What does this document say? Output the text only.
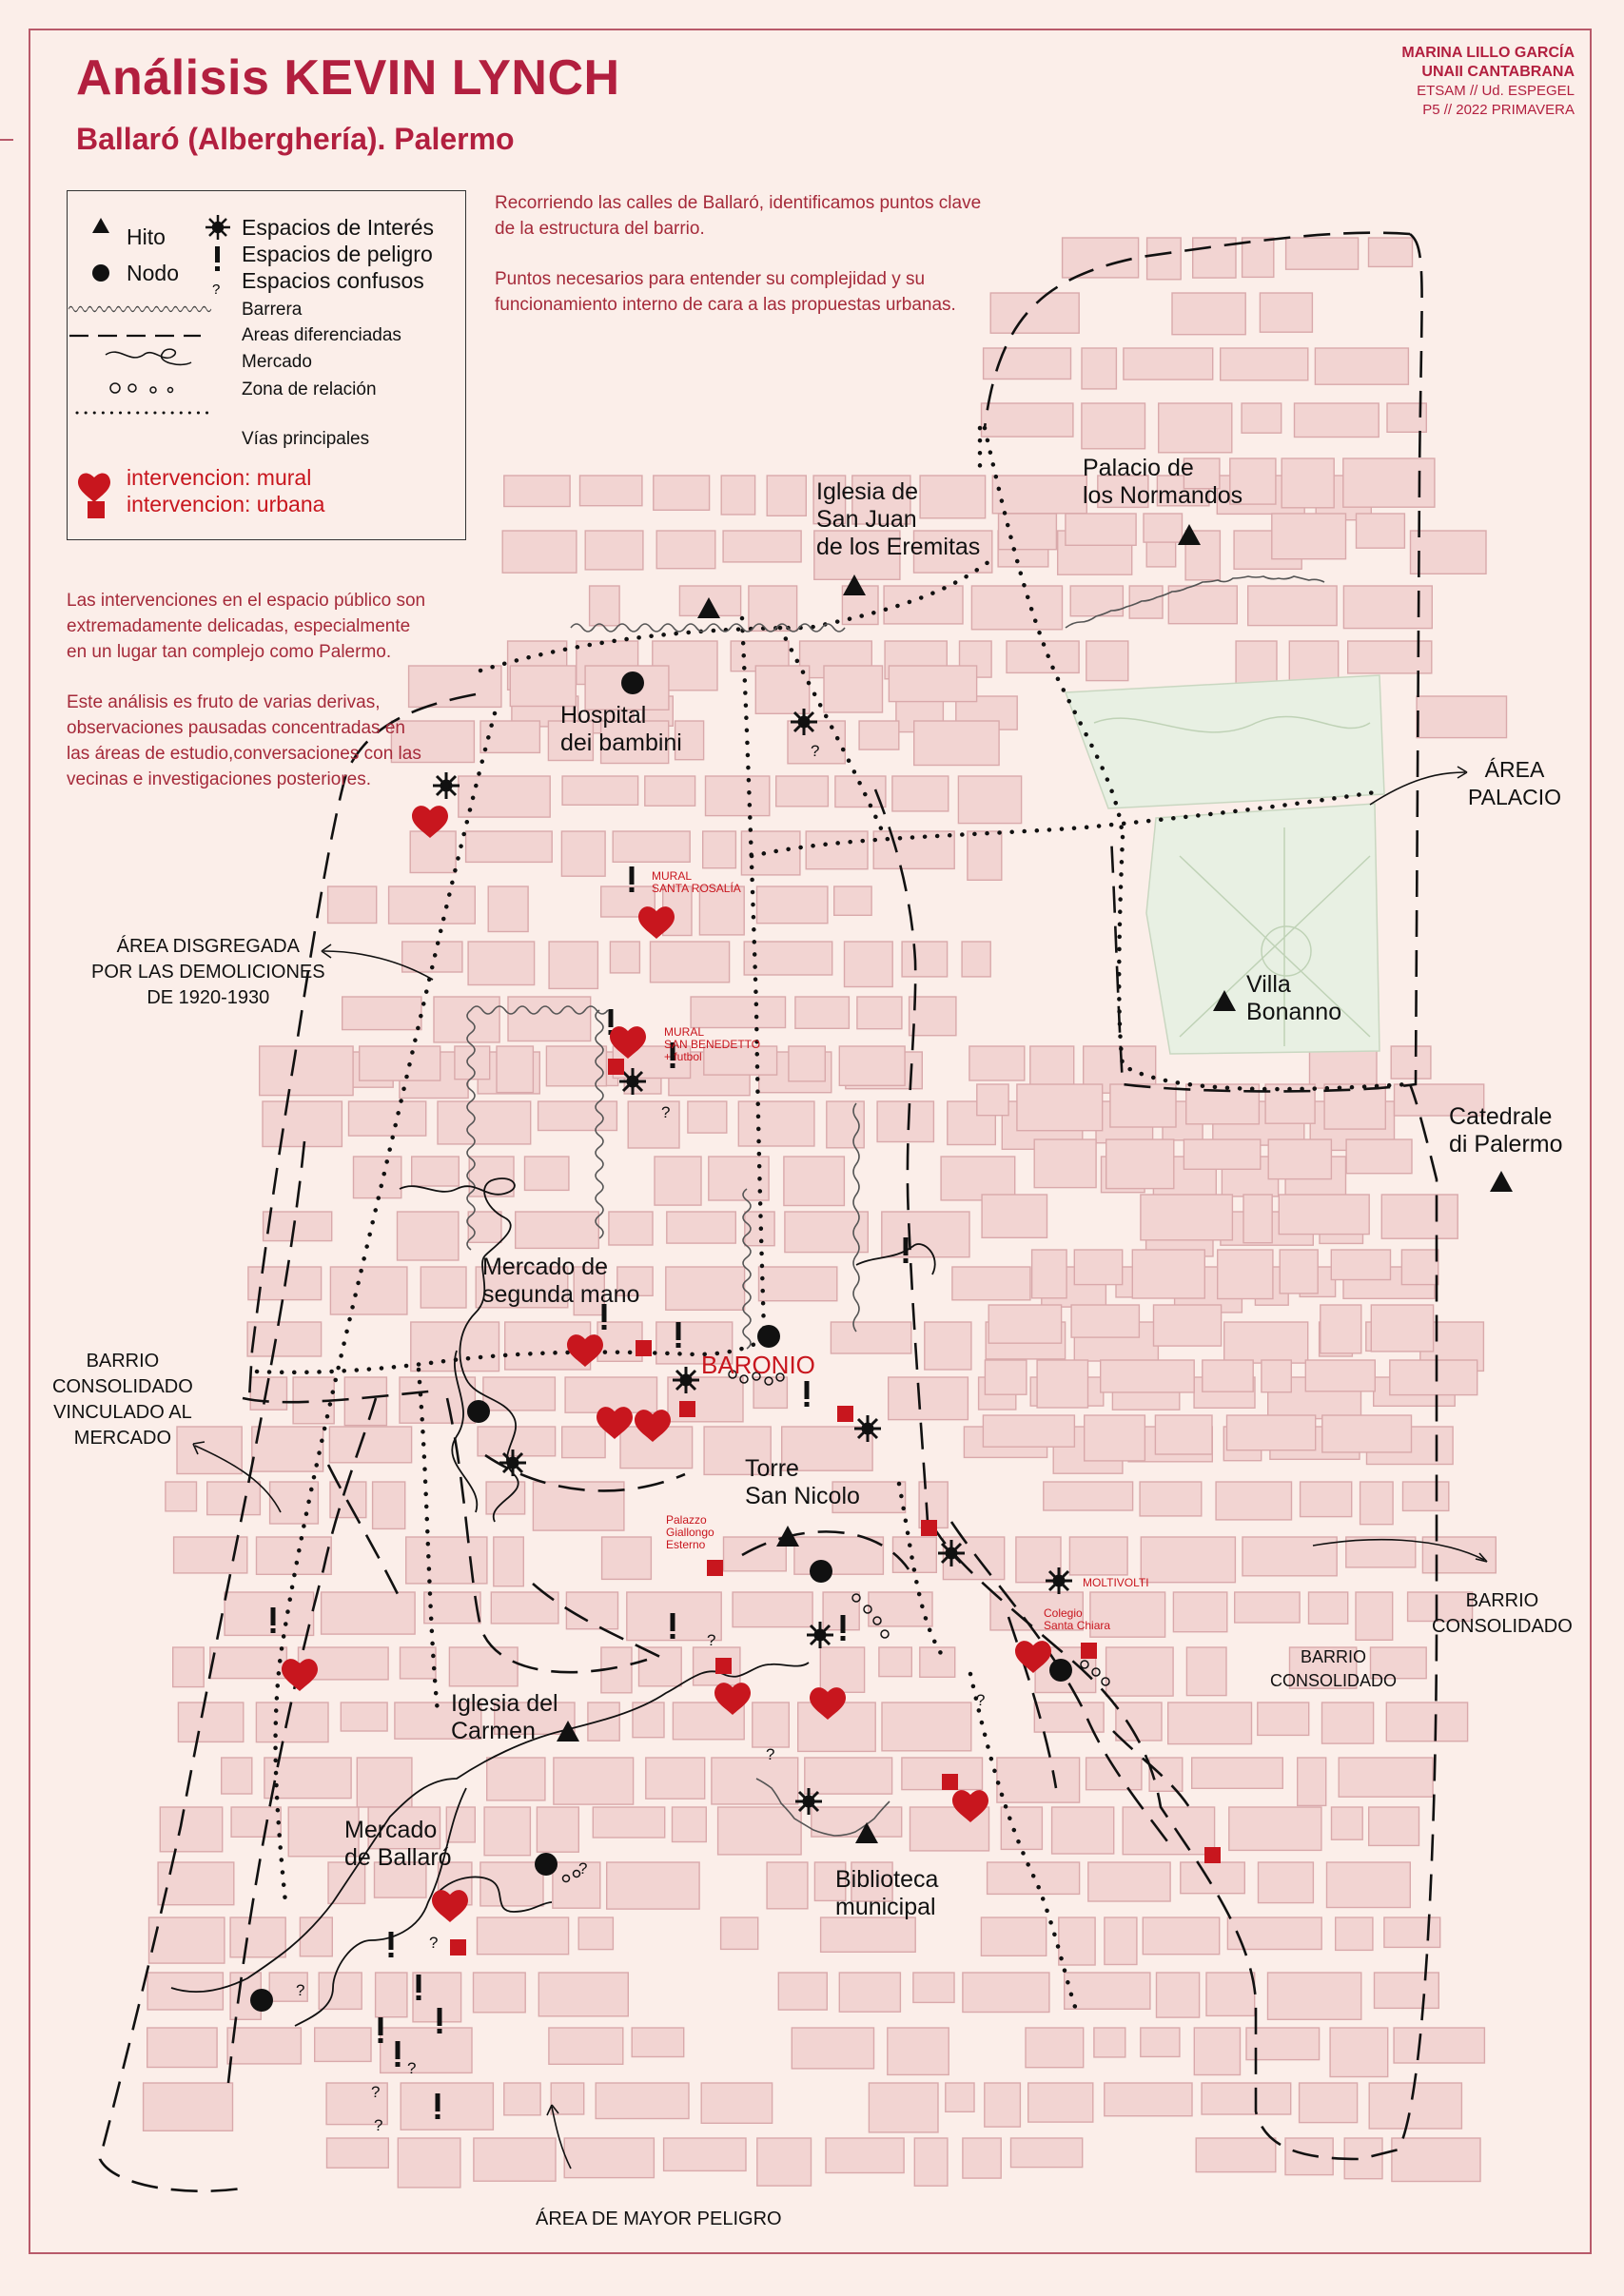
?
?
?
?
?
?
?
?
?
?
?
Análisis KEVIN LYNCH
Ballaró (Alberghería). Palermo
MARINA LILLO GARCÍA
UNAII CANTABRANA
ETSAM // Ud. ESPEGEL
P5 // 2022 PRIMAVERA
?
Hito
Nodo
Espacios de Interés
Espacios de peligro
Espacios confusos
Barrera
Areas diferenciadas
Mercado
Zona de relación
Vías principales
intervencion: mural
intervencion: urbana

Recorriendo las calles de Ballaró, identificamos puntos clave de la estructura del barrio.

Puntos necesarios para entender su complejidad y su funcionamiento interno de cara a las propuestas urbanas.

Las intervenciones en el espacio público son extremadamente delicadas, especialmente en un lugar tan complejo como Palermo.

Este análisis es fruto de varias derivas, observaciones pausadas concentradas en las áreas de estudio,conversaciones con las vecinas e investigaciones posteriores.

Iglesia de
San Juan
de los Eremitas
Palacio de
los Normandos
Hospital
dei bambini
ÁREA
PALACIO
Villa
Bonanno
Catedrale
di Palermo
ÁREA DISGREGADA
POR LAS DEMOLICIONES
DE 1920-1930
Mercado de
segunda mano
BARONIO
BARRIO
CONSOLIDADO
VINCULADO AL
MERCADO
Torre
San Nicolo
BARRIO
CONSOLIDADO
BARRIO
CONSOLIDADO
Iglesia del
Carmen
Mercado
de Ballaró
Biblioteca
municipal
ÁREA DE MAYOR PELIGRO
MURAL
SANTA ROSALÍA
MURAL
SAN BENEDETTO
+ futbol
Palazzo
Giallongo
Esterno
MOLTIVOLTI
Colegio
Santa Chiara
